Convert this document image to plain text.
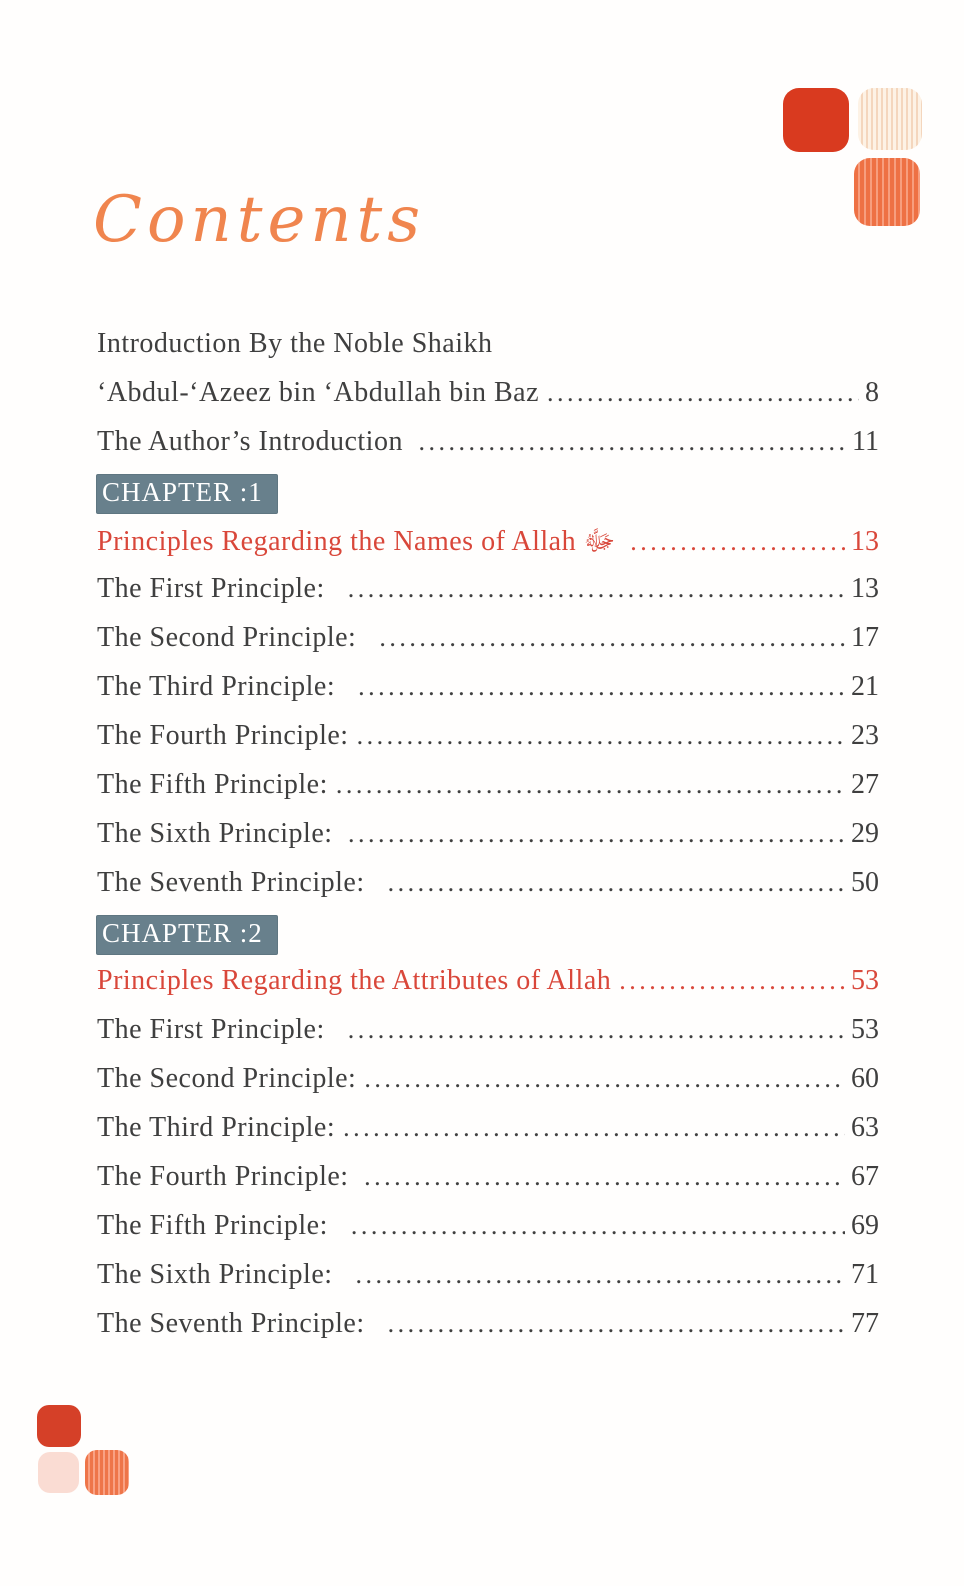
Contents
Introduction By the Noble Shaikh
‘Abdul-‘Azeez bin ‘Abdullah bin Baz .....	8
The Author’s Introduction .....	11
CHAPTER :1
Principles Regarding the Names of Allah ﷻ .....	13
The First Principle: .....	13
The Second Principle: .....	17
The Third Principle: .....	21
The Fourth Principle: .....	23
The Fifth Principle: .....	27
The Sixth Principle: .....	29
The Seventh Principle: .....	50
CHAPTER :2
Principles Regarding the Attributes of Allah .....	53
The First Principle: .....	53
The Second Principle: .....	60
The Third Principle: .....	63
The Fourth Principle: .....	67
The Fifth Principle: .....	69
The Sixth Principle: .....	71
The Seventh Principle: .....	77
